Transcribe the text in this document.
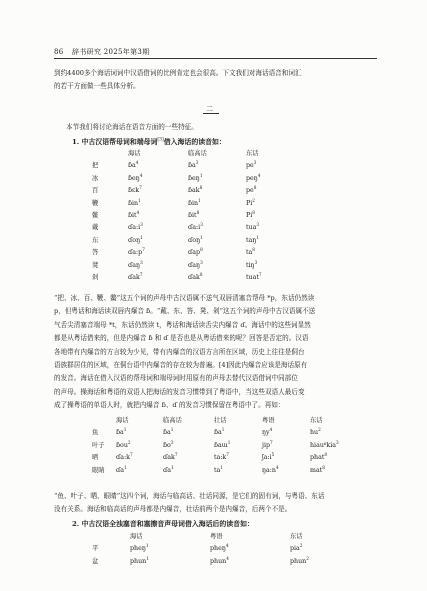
86 辞书研究 2025年第3期
到约4400多个海话词词中汉语借词的比例肯定也会很高。下文我们对海话语音和词汇
的若干方面做一些具体分析。
二
本节我们将讨论海话在语音方面的一些特征。
1. 中古汉语帮母词和端母词[3]借入海话的读音如：
海话	临高话	东话
把	ɓa$^4$	ɓa$^3$	$pe^3$
冰	ɓeŋ$^4$	ɓeŋ$^1$	peŋ$^4$
百	ɓɛk$^7$	ɓak$^8$	$pe^8$
鞭	ɓin$^1$	ɓin$^1$	Pi$^2$
鳖	ɓit$^4$	ɓit$^8$	Pi$^8$
戴	$ɗa:i^3$	$ɗa:i^3$	tua$^3$
东	ɗoŋ$^1$	ɗoŋ$^1$	taŋ$^1$
答	$ɗa:p^7$	ɗap$^8$	$ta^8$
凳	ɗaŋ$^3$	ɗaŋ$^3$	tiŋ$^3$
剁	ɗak$^7$	ɗak$^8$	tuat$^7$
“把、冰、百、鞭、鳖”这五个词的声母中古汉语属不送气双唇清塞音帮母 *p，东话仍然读
p，但粤话和海话读双唇内爆音 ɓ。“戴、东、答、凳、剁”这五个词的声母中古汉语属不送
气舌尖清塞音端母 *t，东话仍然读 t，粤话和海话读舌尖内爆音 ɗ。海话中的这些词显然
都是从粤话借来的，但是内爆音 ɓ 和 ɗ 是否也是从粤话借来的呢？回答是否定的。汉语
各地带有内爆音的方言较为少见，带有内爆音的汉语方言所在区域，历史上往往是侗台
语族群居住的区域，在侗台语中内爆音的存在较为普遍。[4]因此内爆音应该是海话原有
的发音。海话在借入汉语的帮母词和端母词时用原有的声母去替代汉语借词中同部位
的声母。操海话和粤语的双语人把海话的发音习惯带到了粤语中，当这些双语人最后变
成了操粤语的单语人时，就把内爆音 ɓ、ɗ 的发音习惯保留在粤语中了。再如：
海话	临高话	壮话	粤语	东话
鱼	ɓa$^1$	ɓa$^1$	ɓa$^1$	$ŋy^4$	$hu^2$
叶子 ɓou$^2$	ɓo$^3$	ɓaɯ$^1$	jip$^7$	hiau⁶kia$^3$
晒	$ɗa:k^7$	ɗak$^7$	$ta:k^7$	$ʃa:i^5$	phat$^8$
眼睛 ɗa$^1$	ɗa$^1$	$ta^1$	$ŋa:n^4$	mat$^8$
“鱼、叶子、晒、眼睛”这四个词，海话与临高话、壮话同源，是它们的固有词，与粤语、东话
没有关系。海话和临高话的声母都是内爆音，壮话前两个是内爆音，后两个不是。
2. 中古汉语全浊塞音和塞擦音声母词借入海话后的读音如：
海话	粤语	东话
平	pheŋ$^1$	pheŋ$^4$	pia$^2$
盆	phun$^1$	phun$^4$	phun$^2$
